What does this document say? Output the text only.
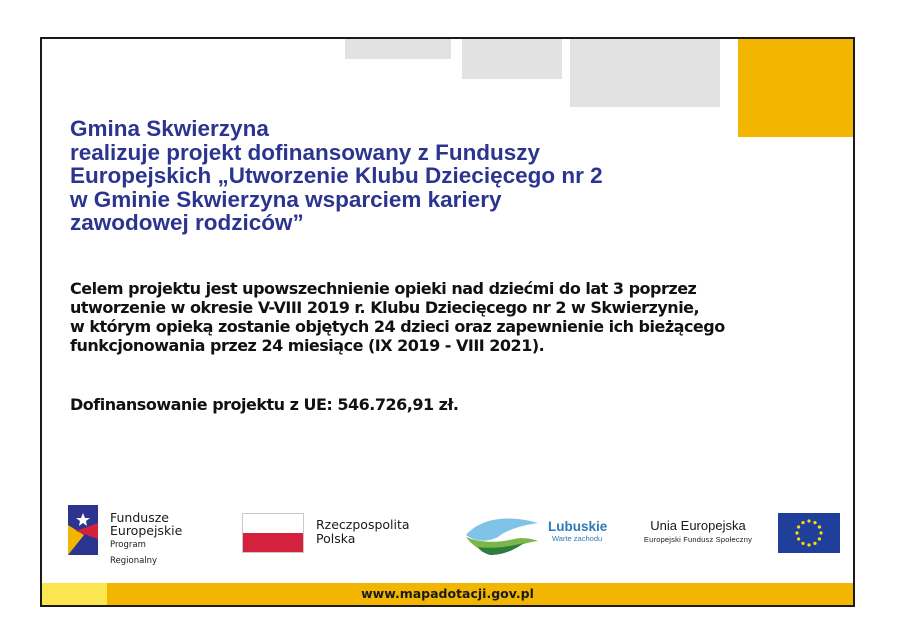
Gmina Skwierzyna
realizuje projekt dofinansowany z Funduszy
Europejskich „Utworzenie Klubu Dziecięcego nr 2
w Gminie Skwierzyna wsparciem kariery
zawodowej rodziców”

Celem projektu jest upowszechnienie opieki nad dziećmi do lat 3 poprzez
utworzenie w okresie V-VIII 2019 r. Klubu Dziecięcego nr 2 w Skwierzynie,
w którym opieką zostanie objętych 24 dzieci oraz zapewnienie ich bieżącego
funkcjonowania przez 24 miesiące (IX 2019 - VIII 2021).

Dofinansowanie projektu z UE: 546.726,91 zł.

Fundusze
Europejskie
Program Regionalny
Rzeczpospolita
Polska
Lubuskie
Warte zachodu
Unia Europejska
Europejski Fundusz Społeczny
www.mapadotacji.gov.pl
